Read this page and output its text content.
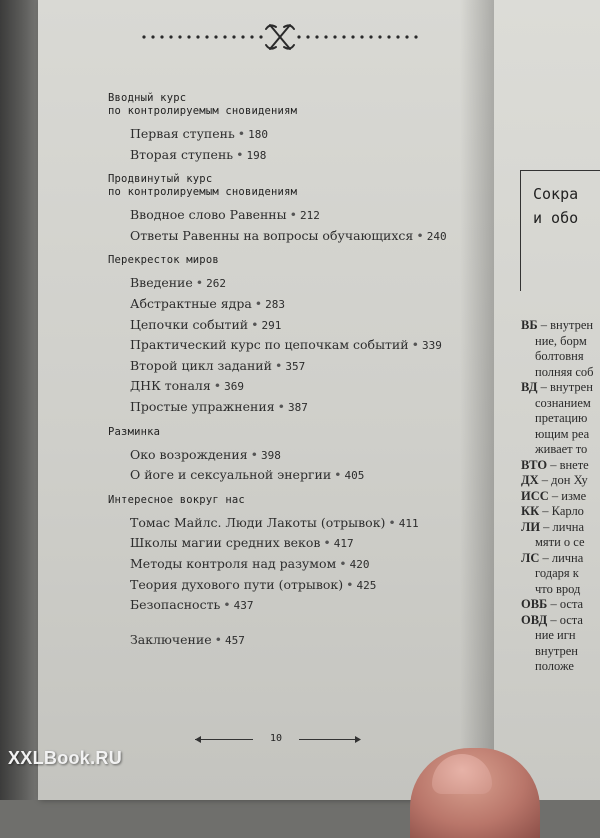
Вводный курс
по контролируемым сновидениям
Первая ступень • 180
Вторая ступень • 198
Продвинутый курс
по контролируемым сновидениям
Вводное слово Равенны • 212
Ответы Равенны на вопросы обучающихся • 240
Перекресток миров
Введение • 262
Абстрактные ядра • 283
Цепочки событий • 291
Практический курс по цепочкам событий • 339
Второй цикл заданий • 357
ДНК тоналя • 369
Простые упражнения • 387
Разминка
Око возрождения • 398
О йоге и сексуальной энергии • 405
Интересное вокруг нас
Томас Майлс. Люди Лакоты (отрывок) • 411
Школы магии средних веков • 417
Методы контроля над разумом • 420
Теория духового пути (отрывок) • 425
Безопасность • 437
Заключение • 457
10
Сокра
и обо
ВБ – внутрен
ние, борм
болтовня
полняя соб
ВД – внутрен
сознанием
претацию
ющим реа
живает то
ВТО – внете
ДХ – дон Ху
ИСС – измe
КК – Карло
ЛИ – лична
мяти о се
ЛС – лична
годаря к
что врод
ОВБ – оста
ОВД – оста
ние игн
внутрен
положе
XXLBook.RU
